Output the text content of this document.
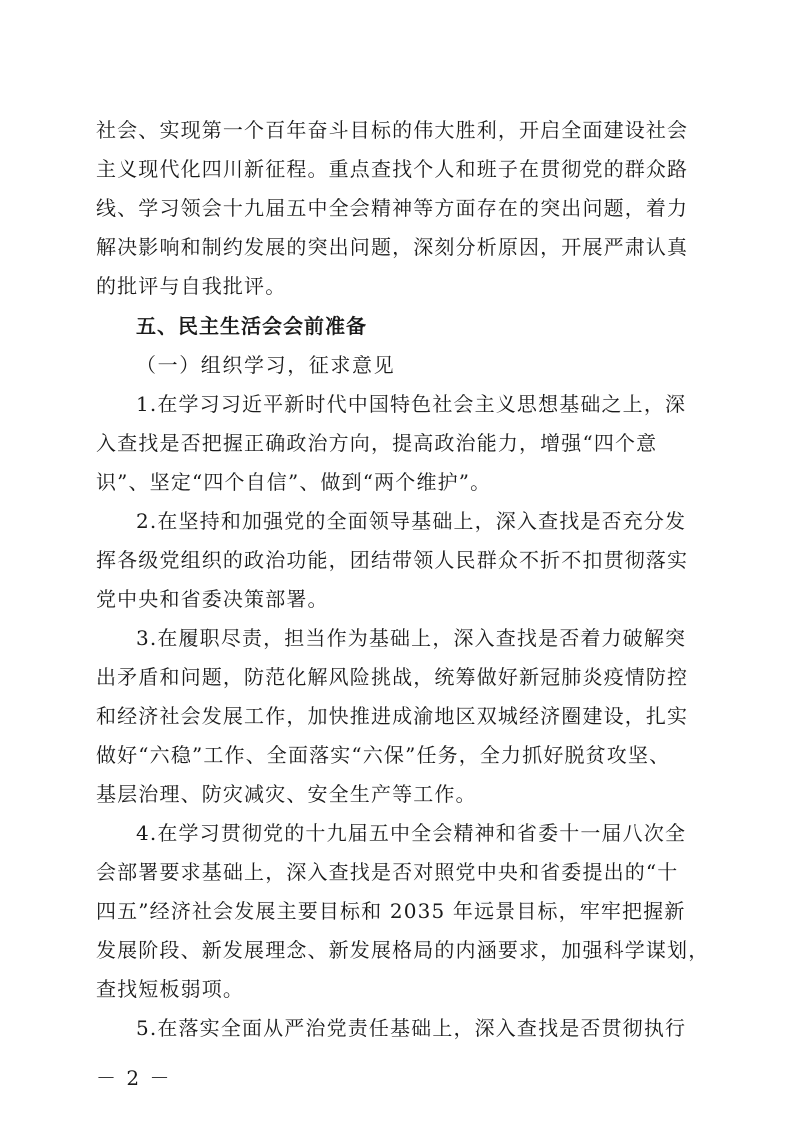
社会、实现第一个百年奋斗目标的伟大胜利，开启全面建设社会
主义现代化四川新征程。重点查找个人和班子在贯彻党的群众路
线、学习领会十九届五中全会精神等方面存在的突出问题，着力
解决影响和制约发展的突出问题，深刻分析原因，开展严肃认真
的批评与自我批评。
五、民主生活会会前准备
（一）组织学习，征求意见
1.在学习习近平新时代中国特色社会主义思想基础之上，深
入查找是否把握正确政治方向，提高政治能力，增强“四个意
识”、坚定“四个自信”、做到“两个维护”。
2.在坚持和加强党的全面领导基础上，深入查找是否充分发
挥各级党组织的政治功能，团结带领人民群众不折不扣贯彻落实
党中央和省委决策部署。
3.在履职尽责，担当作为基础上，深入查找是否着力破解突
出矛盾和问题，防范化解风险挑战，统筹做好新冠肺炎疫情防控
和经济社会发展工作，加快推进成渝地区双城经济圈建设，扎实
做好“六稳”工作、全面落实“六保”任务，全力抓好脱贫攻坚、
基层治理、防灾减灾、安全生产等工作。
4.在学习贯彻党的十九届五中全会精神和省委十一届八次全
会部署要求基础上，深入查找是否对照党中央和省委提出的“十
四五”经济社会发展主要目标和 2035 年远景目标，牢牢把握新
发展阶段、新发展理念、新发展格局的内涵要求，加强科学谋划，
查找短板弱项。
5.在落实全面从严治党责任基础上，深入查找是否贯彻执行
－ 2 －
